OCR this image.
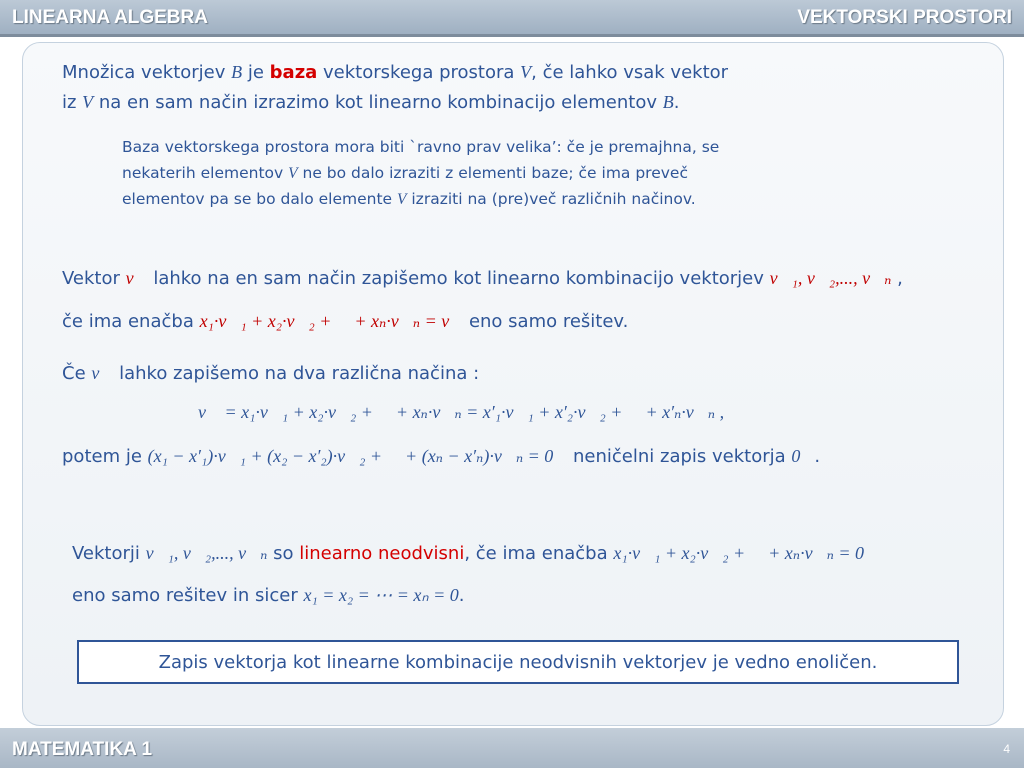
LINEARNA ALGEBRA	VEKTORSKI PROSTORI
Množica vektorjev B je baza vektorskega prostora V, če lahko vsak vektor
iz V na en sam način izrazimo kot linearno kombinacijo elementov B.
Baza vektorskega prostora mora biti `ravno prav velika’: če je premajhna, se
nekaterih elementov V ne bo dalo izraziti z elementi baze; če ima preveč
elementov pa se bo dalo elemente V izraziti na (pre)več različnih načinov.
Vektor v⃗ lahko na en sam način zapišemo kot linearno kombinacijo vektorjev v⃗₁, v⃗₂,..., v⃗ₙ ,
če ima enačba x₁·v⃗₁ + x₂·v⃗₂ + ⋯ + xₙ·v⃗ₙ = v⃗ eno samo rešitev.
Če v⃗ lahko zapišemo na dva različna načina :
v⃗ = x₁·v⃗₁ + x₂·v⃗₂ + ⋯ + xₙ·v⃗ₙ = x′₁·v⃗₁ + x′₂·v⃗₂ + ⋯ + x′ₙ·v⃗ₙ ,
potem je (x₁ − x′₁)·v⃗₁ + (x₂ − x′₂)·v⃗₂ + ⋯ + (xₙ − x′ₙ)·v⃗ₙ = 0⃗ neničelni zapis vektorja 0⃗.
Vektorji v⃗₁, v⃗₂,..., v⃗ₙ so linearno neodvisni, če ima enačba x₁·v⃗₁ + x₂·v⃗₂ + ⋯ + xₙ·v⃗ₙ = 0⃗
eno samo rešitev in sicer x₁ = x₂ = ⋯ = xₙ = 0.
Zapis vektorja kot linearne kombinacije neodvisnih vektorjev je vedno enoličen.
MATEMATIKA 1	4
